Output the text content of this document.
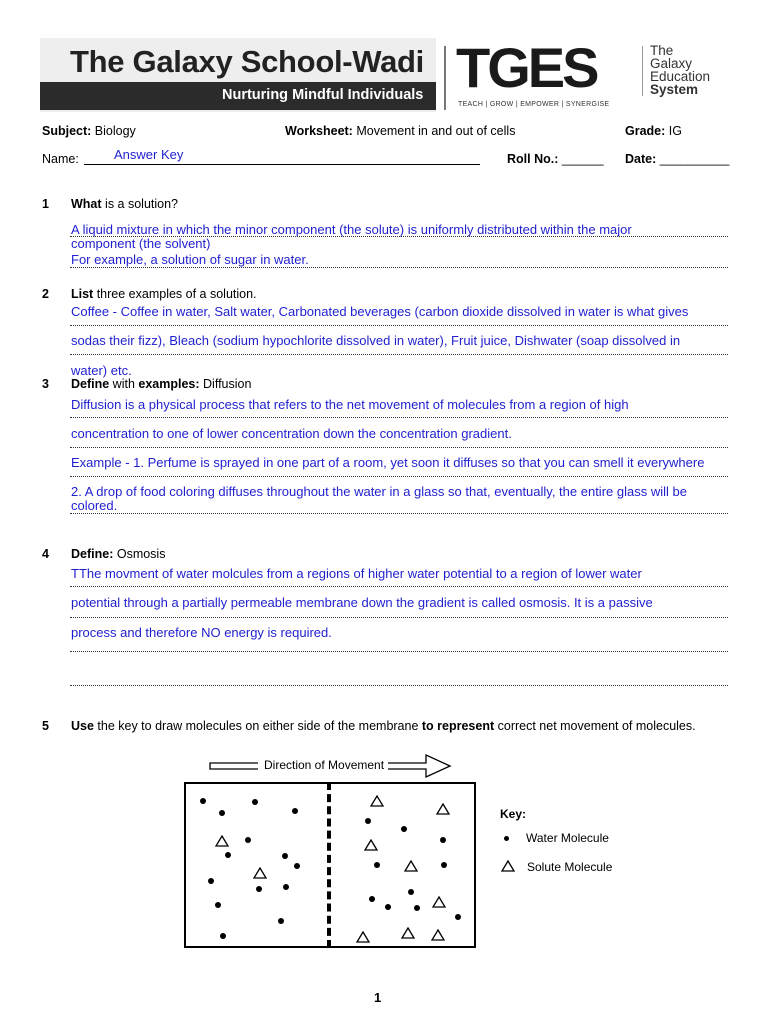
The Galaxy School-Wadi
Nurturing Mindful Individuals TGES
TEACH | GROW | EMPOWER | SYNERGISE
The
Galaxy
Education
System
Subject: Biology	Worksheet: Movement in and out of cells	Grade: IG
Name:	Answer Key	Roll No.: ______ Date: __________
1 What is a solution?
A liquid mixture in which the minor component (the solute) is uniformly distributed within the major
component (the solvent)
For example, a solution of sugar in water.
2 List three examples of a solution.
Coffee - Coffee in water, Salt water, Carbonated beverages (carbon dioxide dissolved in water is what gives
sodas their fizz), Bleach (sodium hypochlorite dissolved in water), Fruit juice, Dishwater (soap dissolved in
water) etc.
3 Define with examples: Diffusion
Diffusion is a physical process that refers to the net movement of molecules from a region of high
concentration to one of lower concentration down the concentration gradient.
Example - 1. Perfume is sprayed in one part of a room, yet soon it diffuses so that you can smell it everywhere
2. A drop of food coloring diffuses throughout the water in a glass so that, eventually, the entire glass will be
colored.
4 Define: Osmosis
TThe movment of water molcules from a regions of higher water potential to a region of lower water
potential through a partially permeable membrane down the gradient is called osmosis. It is a passive
process and therefore NO energy is required.
5 Use the key to draw molecules on either side of the membrane to represent correct net movement of molecules.
Direction of Movement
Key:
Water Molecule
Solute Molecule
1
